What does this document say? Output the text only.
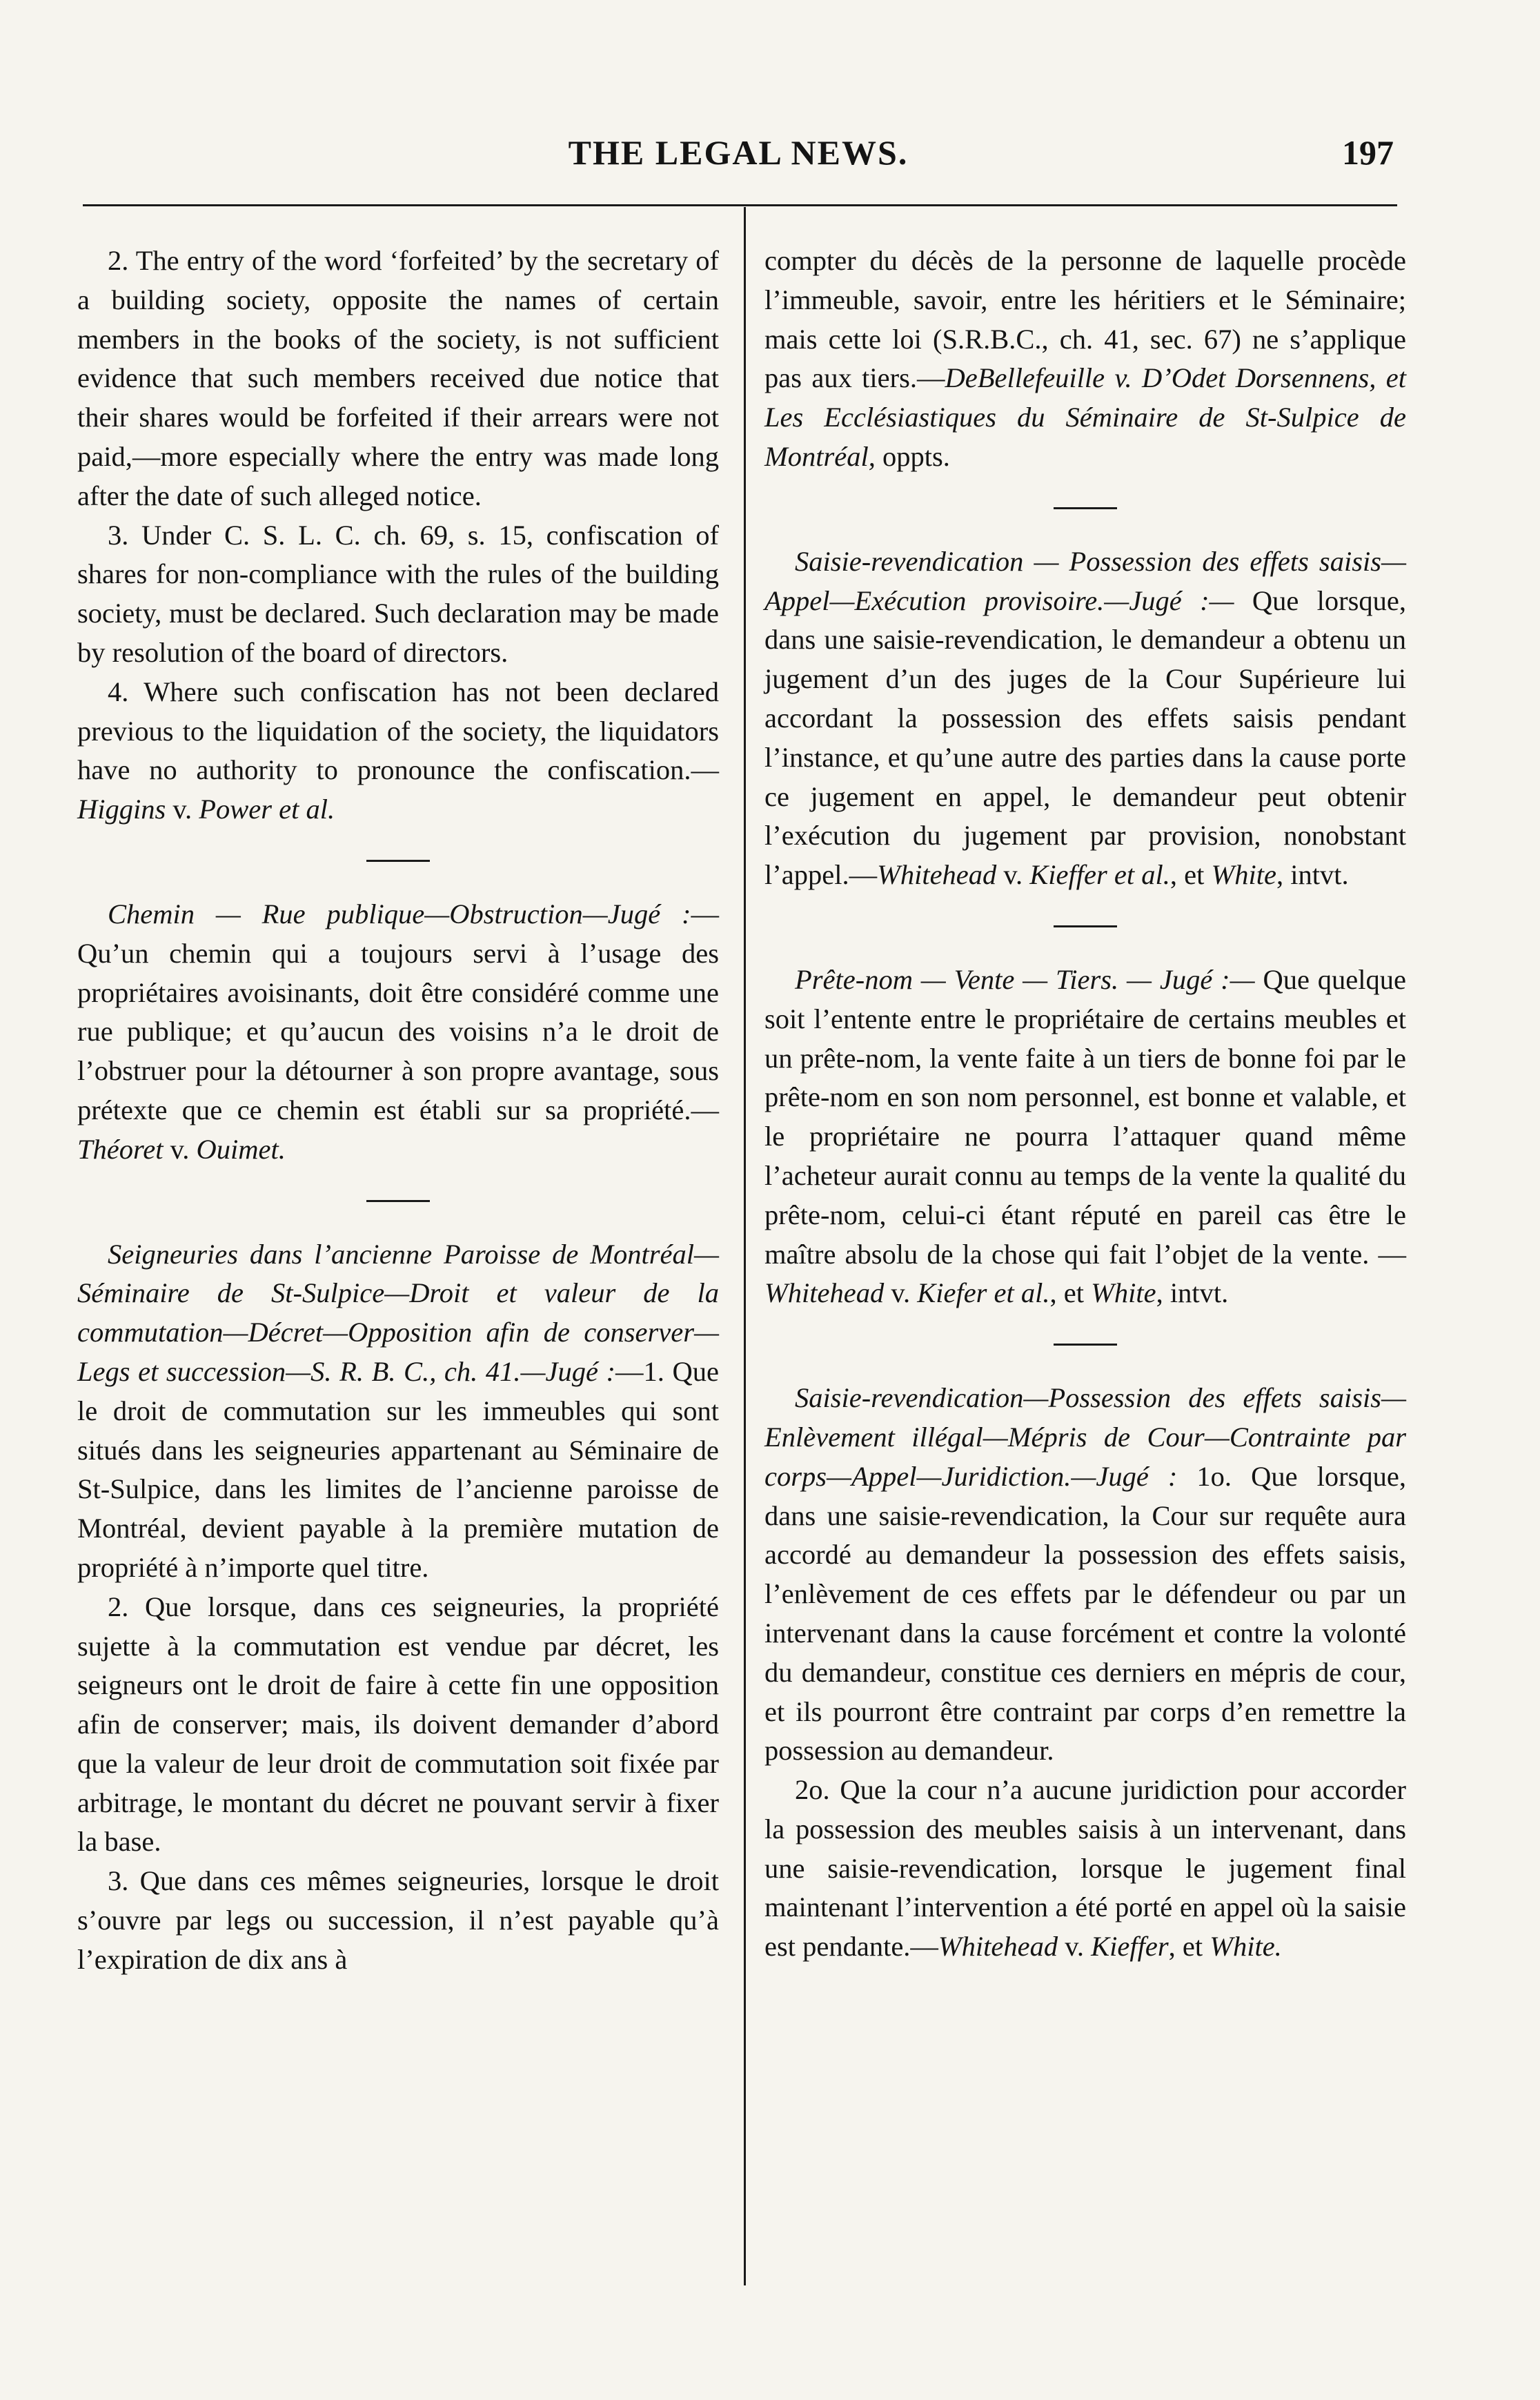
THE LEGAL NEWS.	197

2. The entry of the word ‘forfeited’ by the secretary of a building society, opposite the names of certain members in the books of the society, is not sufficient evidence that such members received due notice that their shares would be forfeited if their arrears were not paid,—more especially where the entry was made long after the date of such alleged notice.

3. Under C. S. L. C. ch. 69, s. 15, confiscation of shares for non-compliance with the rules of the building society, must be declared. Such declaration may be made by resolution of the board of directors.

4. Where such confiscation has not been declared previous to the liquidation of the society, the liquidators have no authority to pronounce the confiscation.—Higgins v. Power et al.

Chemin — Rue publique—Obstruction—Jugé :—Qu’un chemin qui a toujours servi à l’usage des propriétaires avoisinants, doit être considéré comme une rue publique; et qu’aucun des voisins n’a le droit de l’obstruer pour la détourner à son propre avantage, sous prétexte que ce chemin est établi sur sa propriété.—Théoret v. Ouimet.

Seigneuries dans l’ancienne Paroisse de Montréal—Séminaire de St-Sulpice—Droit et valeur de la commutation—Décret—Opposition afin de conserver—Legs et succession—S. R. B. C., ch. 41.—Jugé :—1. Que le droit de commutation sur les immeubles qui sont situés dans les seigneuries appartenant au Séminaire de St-Sulpice, dans les limites de l’ancienne paroisse de Montréal, devient payable à la première mutation de propriété à n’importe quel titre.

2. Que lorsque, dans ces seigneuries, la propriété sujette à la commutation est vendue par décret, les seigneurs ont le droit de faire à cette fin une opposition afin de conserver; mais, ils doivent demander d’abord que la valeur de leur droit de commutation soit fixée par arbitrage, le montant du décret ne pouvant servir à fixer la base.

3. Que dans ces mêmes seigneuries, lorsque le droit s’ouvre par legs ou succession, il n’est payable qu’à l’expiration de dix ans à

compter du décès de la personne de laquelle procède l’immeuble, savoir, entre les héritiers et le Séminaire; mais cette loi (S.R.B.C., ch. 41, sec. 67) ne s’applique pas aux tiers.—DeBellefeuille v. D’Odet Dorsennens, et Les Ecclésiastiques du Séminaire de St-Sulpice de Montréal, oppts.

Saisie-revendication — Possession des effets saisis—Appel—Exécution provisoire.—Jugé :— Que lorsque, dans une saisie-revendication, le demandeur a obtenu un jugement d’un des juges de la Cour Supérieure lui accordant la possession des effets saisis pendant l’instance, et qu’une autre des parties dans la cause porte ce jugement en appel, le demandeur peut obtenir l’exécution du jugement par provision, nonobstant l’appel.—Whitehead v. Kieffer et al., et White, intvt.

Prête-nom — Vente — Tiers. — Jugé :— Que quelque soit l’entente entre le propriétaire de certains meubles et un prête-nom, la vente faite à un tiers de bonne foi par le prête-nom en son nom personnel, est bonne et valable, et le propriétaire ne pourra l’attaquer quand même l’acheteur aurait connu au temps de la vente la qualité du prête-nom, celui-ci étant réputé en pareil cas être le maître absolu de la chose qui fait l’objet de la vente. —Whitehead v. Kiefer et al., et White, intvt.

Saisie-revendication—Possession des effets saisis—Enlèvement illégal—Mépris de Cour—Contrainte par corps—Appel—Juridiction.—Jugé : 1o. Que lorsque, dans une saisie-revendication, la Cour sur requête aura accordé au demandeur la possession des effets saisis, l’enlèvement de ces effets par le défendeur ou par un intervenant dans la cause forcément et contre la volonté du demandeur, constitue ces derniers en mépris de cour, et ils pourront être contraint par corps d’en remettre la possession au demandeur.

2o. Que la cour n’a aucune juridiction pour accorder la possession des meubles saisis à un intervenant, dans une saisie-revendication, lorsque le jugement final maintenant l’intervention a été porté en appel où la saisie est pendante.—Whitehead v. Kieffer, et White.
